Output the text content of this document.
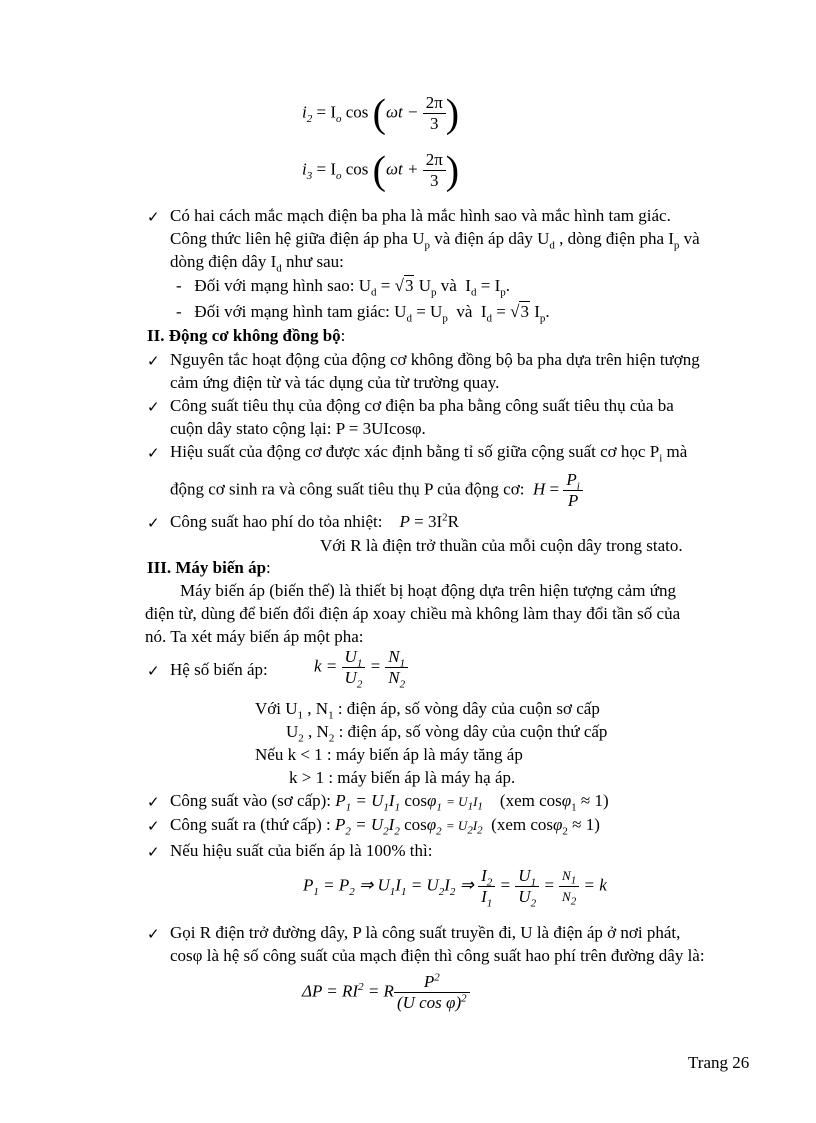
$i_2 = I_o$ $\cos (\omega t - \frac{2\pi}{3}$ )
$i_3 = I_o$ $\cos (\omega t + \frac{2\pi}{3}$ )
✓ Có hai cách mắc mạch điện ba pha là mắc hình sao và mắc hình tam giác.
Công thức liên hệ giữa điện áp pha $U_p$ và điện áp dây $U_d$ , dòng điện pha $I_p$ và
dòng điện dây $I_d$ như sau:
- Đối với mạng hình sao: $U_d = √3$ $U_p$ và  $I_d = I_p$.
- Đối với mạng hình tam giác: $U_d = U_p$  và  $I_d = √3$ $I_p$.
II. Động cơ không đồng bộ:
✓ Nguyên tắc hoạt động của động cơ không đồng bộ ba pha dựa trên hiện tượng
cảm ứng điện từ và tác dụng của từ trường quay.
✓ Công suất tiêu thụ của động cơ điện ba pha bằng công suất tiêu thụ của ba
cuộn dây stato cộng lại: P = 3UIcosφ.
✓ Hiệu suất của động cơ được xác định bằng tỉ số giữa cộng suất cơ học $P_i$ mà
động cơ sinh ra và công suất tiêu thụ P của động cơ: $H = \frac{P_i}{P}$
✓ Công suất hao phí do tỏa nhiệt: $P = 3I^2R$
Với R là điện trở thuần của mỗi cuộn dây trong stato.
III. Máy biến áp:
Máy biến áp (biến thế) là thiết bị hoạt động dựa trên hiện tượng cảm ứng
điện từ, dùng để biến đổi điện áp xoay chiều mà không làm thay đổi tần số của
nó. Ta xét máy biến áp một pha:
✓ Hệ số biến áp:	$k = \frac{U_1}{U_2} = \frac{N_1}{N_2}$
Với $U_1$ , $N_1$ : điện áp, số vòng dây của cuộn sơ cấp
$U_2$ , $N_2$ : điện áp, số vòng dây của cuộn thứ cấp
Nếu k < 1 : máy biến áp là máy tăng áp
k > 1 : máy biến áp là máy hạ áp.
✓ Công suất vào (sơ cấp): $P_1 = U_1I_1$ $\cos\varphi_1 = U_1I_1$ (xem cosφ$_1$ ≈ 1)
✓ Công suất ra (thứ cấp) : $P_2 = U_2I_2$ $\cos\varphi_2 = U_2I_2$ (xem cosφ$_2$ ≈ 1)
✓ Nếu hiệu suất của biến áp là 100% thì:
$P_1 = P_2$ ⇒ $U_1I_1 = U_2I_2$ ⇒ $\frac{I_2}{I_1} = \frac{U_1}{U_2} = \frac{N_1}{N_2} = k$
✓ Gọi R điện trở đường dây, P là công suất truyền đi, U là điện áp ở nơi phát,
cosφ là hệ số công suất của mạch điện thì công suất hao phí trên đường dây là:
$\Delta P = RI^2 = R \frac{P^2}{(U \cos \varphi)^2}$
Trang 26
